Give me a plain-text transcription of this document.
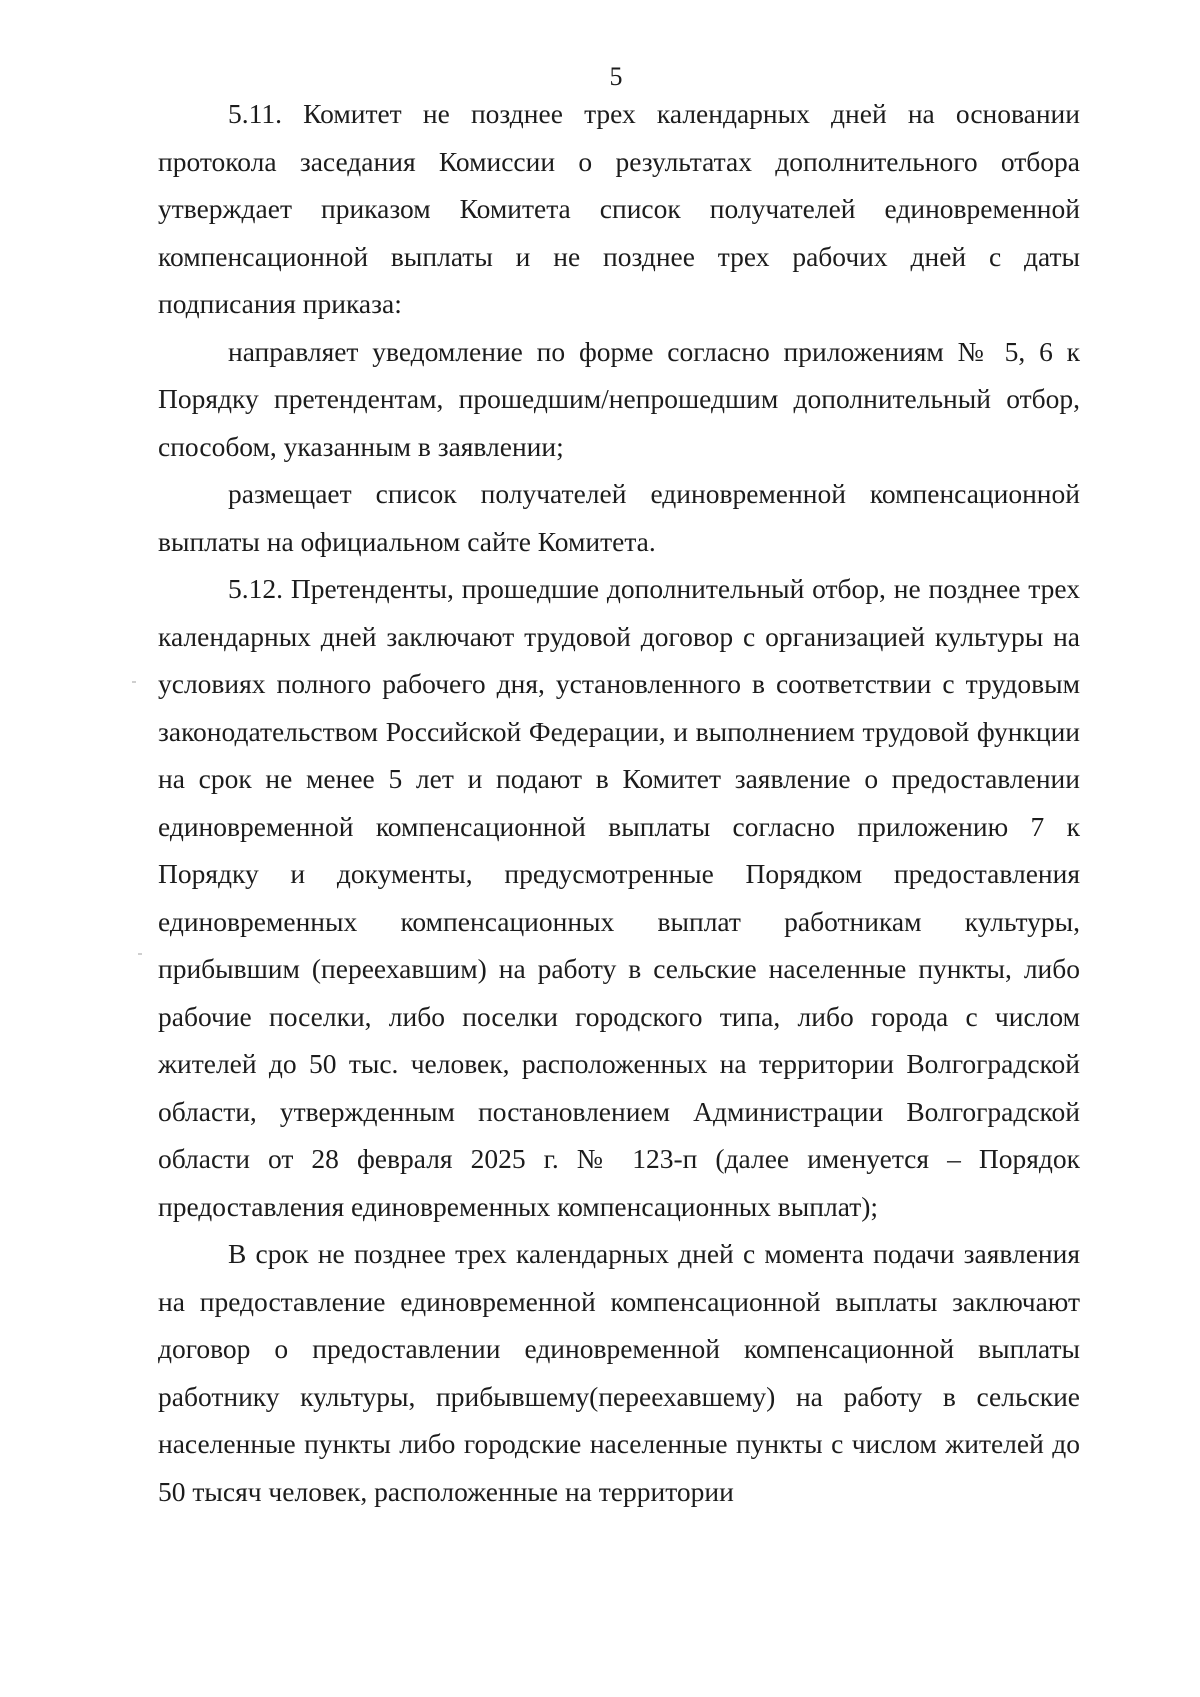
5

5.11. Комитет не позднее трех календарных дней на основании протокола заседания Комиссии о результатах дополнительного отбора утверждает приказом Комитета список получателей единовременной компенсационной выплаты и не позднее трех рабочих дней с даты подписания приказа:

направляет уведомление по форме согласно приложениям № 5, 6 к Порядку претендентам, прошедшим/непрошедшим дополнительный отбор, способом, указанным в заявлении;

размещает список получателей единовременной компенсационной выплаты на официальном сайте Комитета.

5.12. Претенденты, прошедшие дополнительный отбор, не позднее трех календарных дней заключают трудовой договор с организацией культуры на условиях полного рабочего дня, установленного в соответствии с трудовым законодательством Российской Федерации, и выполнением трудовой функции на срок не менее 5 лет и подают в Комитет заявление о предоставлении единовременной компенсационной выплаты согласно приложению 7 к Порядку и документы, предусмотренные Порядком предоставления единовременных компенсационных выплат работникам культуры, прибывшим (переехавшим) на работу в сельские населенные пункты, либо рабочие поселки, либо поселки городского типа, либо города с числом жителей до 50 тыс. человек, расположенных на территории Волгоградской области, утвержденным постановлением Администрации Волгоградской области от 28 февраля 2025 г. № 123-п (далее именуется – Порядок предоставления единовременных компенсационных выплат);

В срок не позднее трех календарных дней с момента подачи заявления на предоставление единовременной компенсационной выплаты заключают договор о предоставлении единовременной компенсационной выплаты работнику культуры, прибывшему(переехавшему) на работу в сельские населенные пункты либо городские населенные пункты с числом жителей до 50 тысяч человек, расположенные на территории
